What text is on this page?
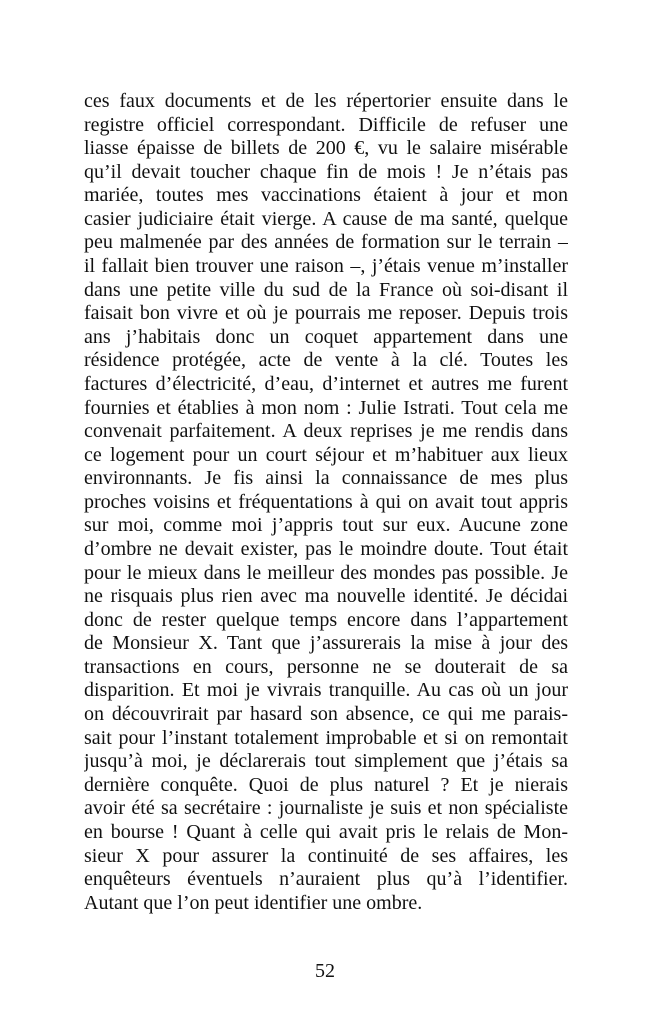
ces faux documents et de les répertorier ensuite dans le
registre officiel correspondant. Difficile de refuser une
liasse épaisse de billets de 200 €, vu le salaire misérable
qu’il devait toucher chaque fin de mois ! Je n’étais pas
mariée, toutes mes vaccinations étaient à jour et mon
casier judiciaire était vierge. A cause de ma santé, quelque
peu malmenée par des années de formation sur le terrain –
il fallait bien trouver une raison –, j’étais venue m’installer
dans une petite ville du sud de la France où soi-disant il
faisait bon vivre et où je pourrais me reposer. Depuis trois
ans j’habitais donc un coquet appartement dans une
résidence protégée, acte de vente à la clé. Toutes les
factures d’électricité, d’eau, d’internet et autres me furent
fournies et établies à mon nom : Julie Istrati. Tout cela me
convenait parfaitement. A deux reprises je me rendis dans
ce logement pour un court séjour et m’habituer aux lieux
environnants. Je fis ainsi la connaissance de mes plus
proches voisins et fréquentations à qui on avait tout appris
sur moi, comme moi j’appris tout sur eux. Aucune zone
d’ombre ne devait exister, pas le moindre doute. Tout était
pour le mieux dans le meilleur des mondes pas possible. Je
ne risquais plus rien avec ma nouvelle identité. Je décidai
donc de rester quelque temps encore dans l’appartement
de Monsieur X. Tant que j’assurerais la mise à jour des
transactions en cours, personne ne se douterait de sa
disparition. Et moi je vivrais tranquille. Au cas où un jour
on découvrirait par hasard son absence, ce qui me parais-
sait pour l’instant totalement improbable et si on remontait
jusqu’à moi, je déclarerais tout simplement que j’étais sa
dernière conquête. Quoi de plus naturel ? Et je nierais
avoir été sa secrétaire : journaliste je suis et non spécialiste
en bourse ! Quant à celle qui avait pris le relais de Mon-
sieur X pour assurer la continuité de ses affaires, les
enquêteurs éventuels n’auraient plus qu’à l’identifier.
Autant que l’on peut identifier une ombre.
52
